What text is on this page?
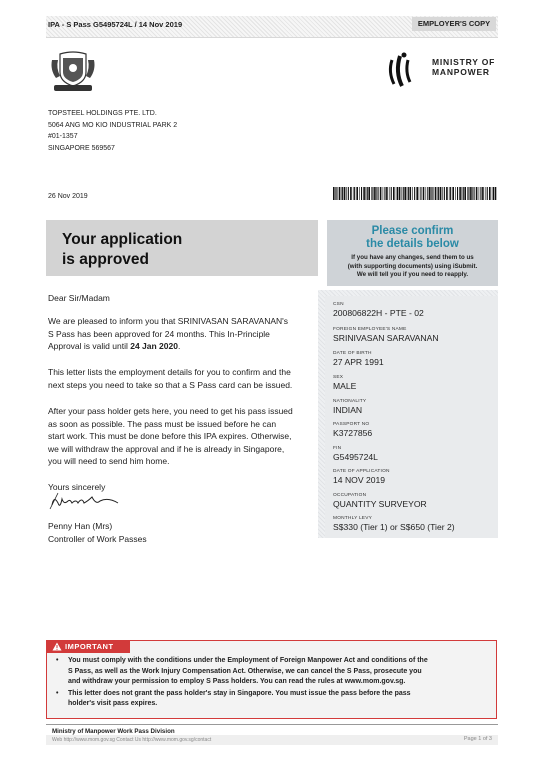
IPA - S Pass G5495724L / 14 Nov 2019	EMPLOYER'S COPY
MINISTRY OF
MANPOWER
TOPSTEEL HOLDINGS PTE. LTD.
5064 ANG MO KIO INDUSTRIAL PARK 2
#01-1357
SINGAPORE 569567
26 Nov 2019
Your application
is approved
Please confirm
the details below
If you have any changes, send them to us
(with supporting documents) using iSubmit.
We will tell you if you need to reapply.
Dear Sir/Madam
We are pleased to inform you that SRINIVASAN SARAVANAN's
S Pass has been approved for 24 months. This In-Principle
Approval is valid until 24 Jan 2020.
This letter lists the employment details for you to confirm and the
next steps you need to take so that a S Pass card can be issued.
After your pass holder gets here, you need to get his pass issued
as soon as possible. The pass must be issued before he can
start work. This must be done before this IPA expires. Otherwise,
we will withdraw the approval and if he is already in Singapore,
you will need to send him home.
Yours sincerely
Penny Han (Mrs)
Controller of Work Passes
CSN
200806822H - PTE - 02
FOREIGN EMPLOYEE'S NAME
SRINIVASAN SARAVANAN
DATE OF BIRTH
27 APR 1991
SEX
MALE
NATIONALITY
INDIAN
PASSPORT NO
K3727856
FIN
G5495724L
DATE OF APPLICATION
14 NOV 2019
OCCUPATION
QUANTITY SURVEYOR
MONTHLY LEVY
S$330 (Tier 1) or S$650 (Tier 2)
IMPORTANT
•	You must comply with the conditions under the Employment of Foreign Manpower Act and conditions of the
S Pass, as well as the Work Injury Compensation Act. Otherwise, we can cancel the S Pass, prosecute you
and withdraw your permission to employ S Pass holders. You can read the rules at www.mom.gov.sg.
•	This letter does not grant the pass holder's stay in Singapore. You must issue the pass before the pass
holder's visit pass expires.
Ministry of Manpower Work Pass Division
Web http://www.mom.gov.sg Contact Us http://www.mom.gov.sg/contact	Page 1 of 3
